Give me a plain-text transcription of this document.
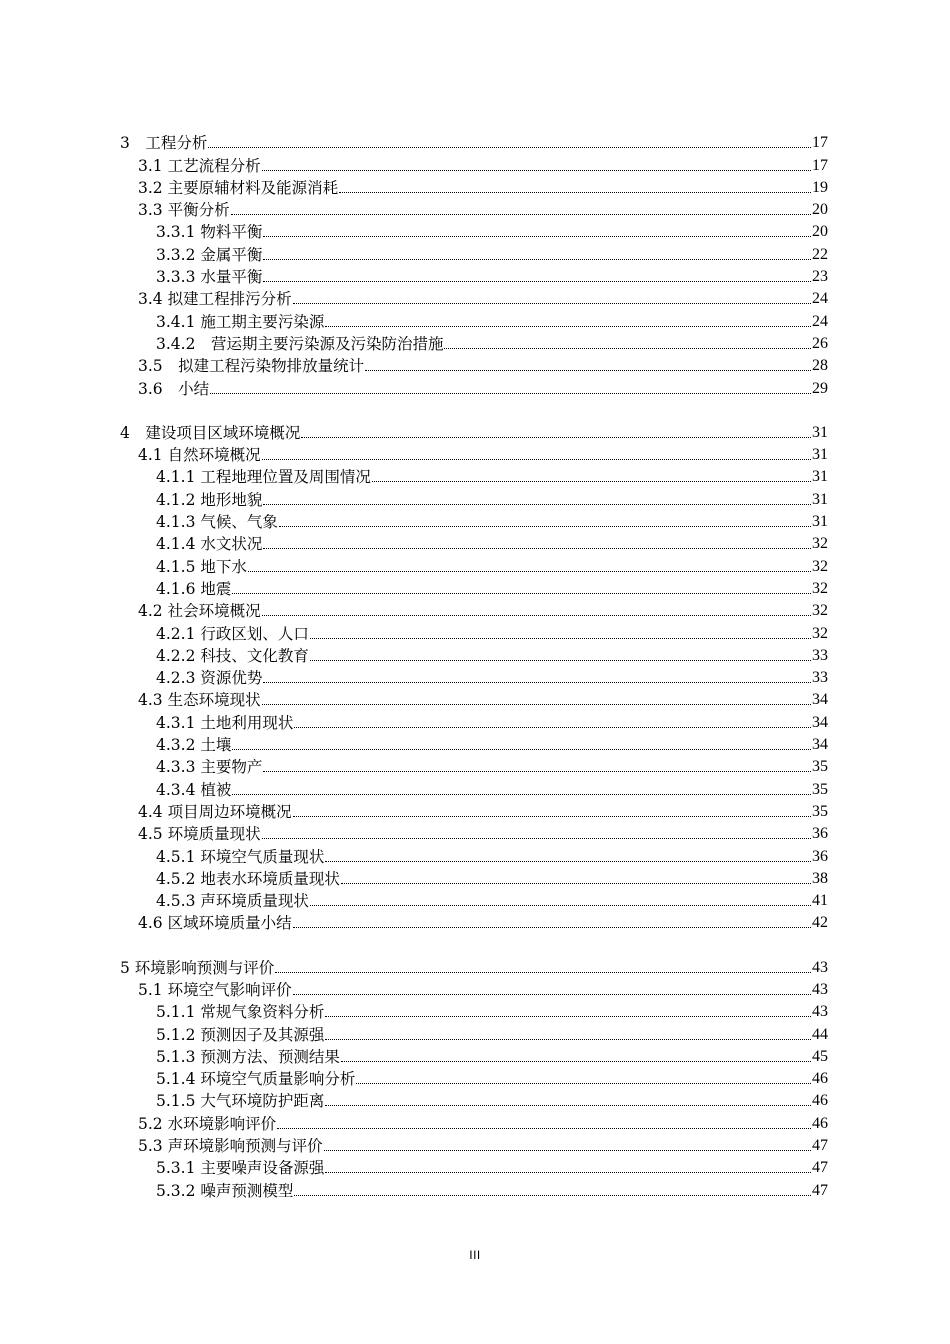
3　工程分析	17
3.1 工艺流程分析	17
3.2 主要原辅材料及能源消耗	19
3.3 平衡分析	20
3.3.1 物料平衡	20
3.3.2 金属平衡	22
3.3.3 水量平衡	23
3.4 拟建工程排污分析	24
3.4.1 施工期主要污染源	24
3.4.2　营运期主要污染源及污染防治措施	26
3.5　拟建工程污染物排放量统计	28
3.6　小结	29
4　建设项目区域环境概况	31
4.1 自然环境概况	31
4.1.1 工程地理位置及周围情况	31
4.1.2 地形地貌	31
4.1.3 气候、气象	31
4.1.4 水文状况	32
4.1.5 地下水	32
4.1.6 地震	32
4.2 社会环境概况	32
4.2.1 行政区划、人口	32
4.2.2 科技、文化教育	33
4.2.3 资源优势	33
4.3 生态环境现状	34
4.3.1 土地利用现状	34
4.3.2 土壤	34
4.3.3 主要物产	35
4.3.4 植被	35
4.4 项目周边环境概况	35
4.5 环境质量现状	36
4.5.1 环境空气质量现状	36
4.5.2 地表水环境质量现状	38
4.5.3 声环境质量现状	41
4.6 区域环境质量小结	42
5 环境影响预测与评价	43
5.1 环境空气影响评价	43
5.1.1 常规气象资料分析	43
5.1.2 预测因子及其源强	44
5.1.3 预测方法、预测结果	45
5.1.4 环境空气质量影响分析	46
5.1.5 大气环境防护距离	46
5.2 水环境影响评价	46
5.3 声环境影响预测与评价	47
5.3.1 主要噪声设备源强	47
5.3.2 噪声预测模型	47
III
